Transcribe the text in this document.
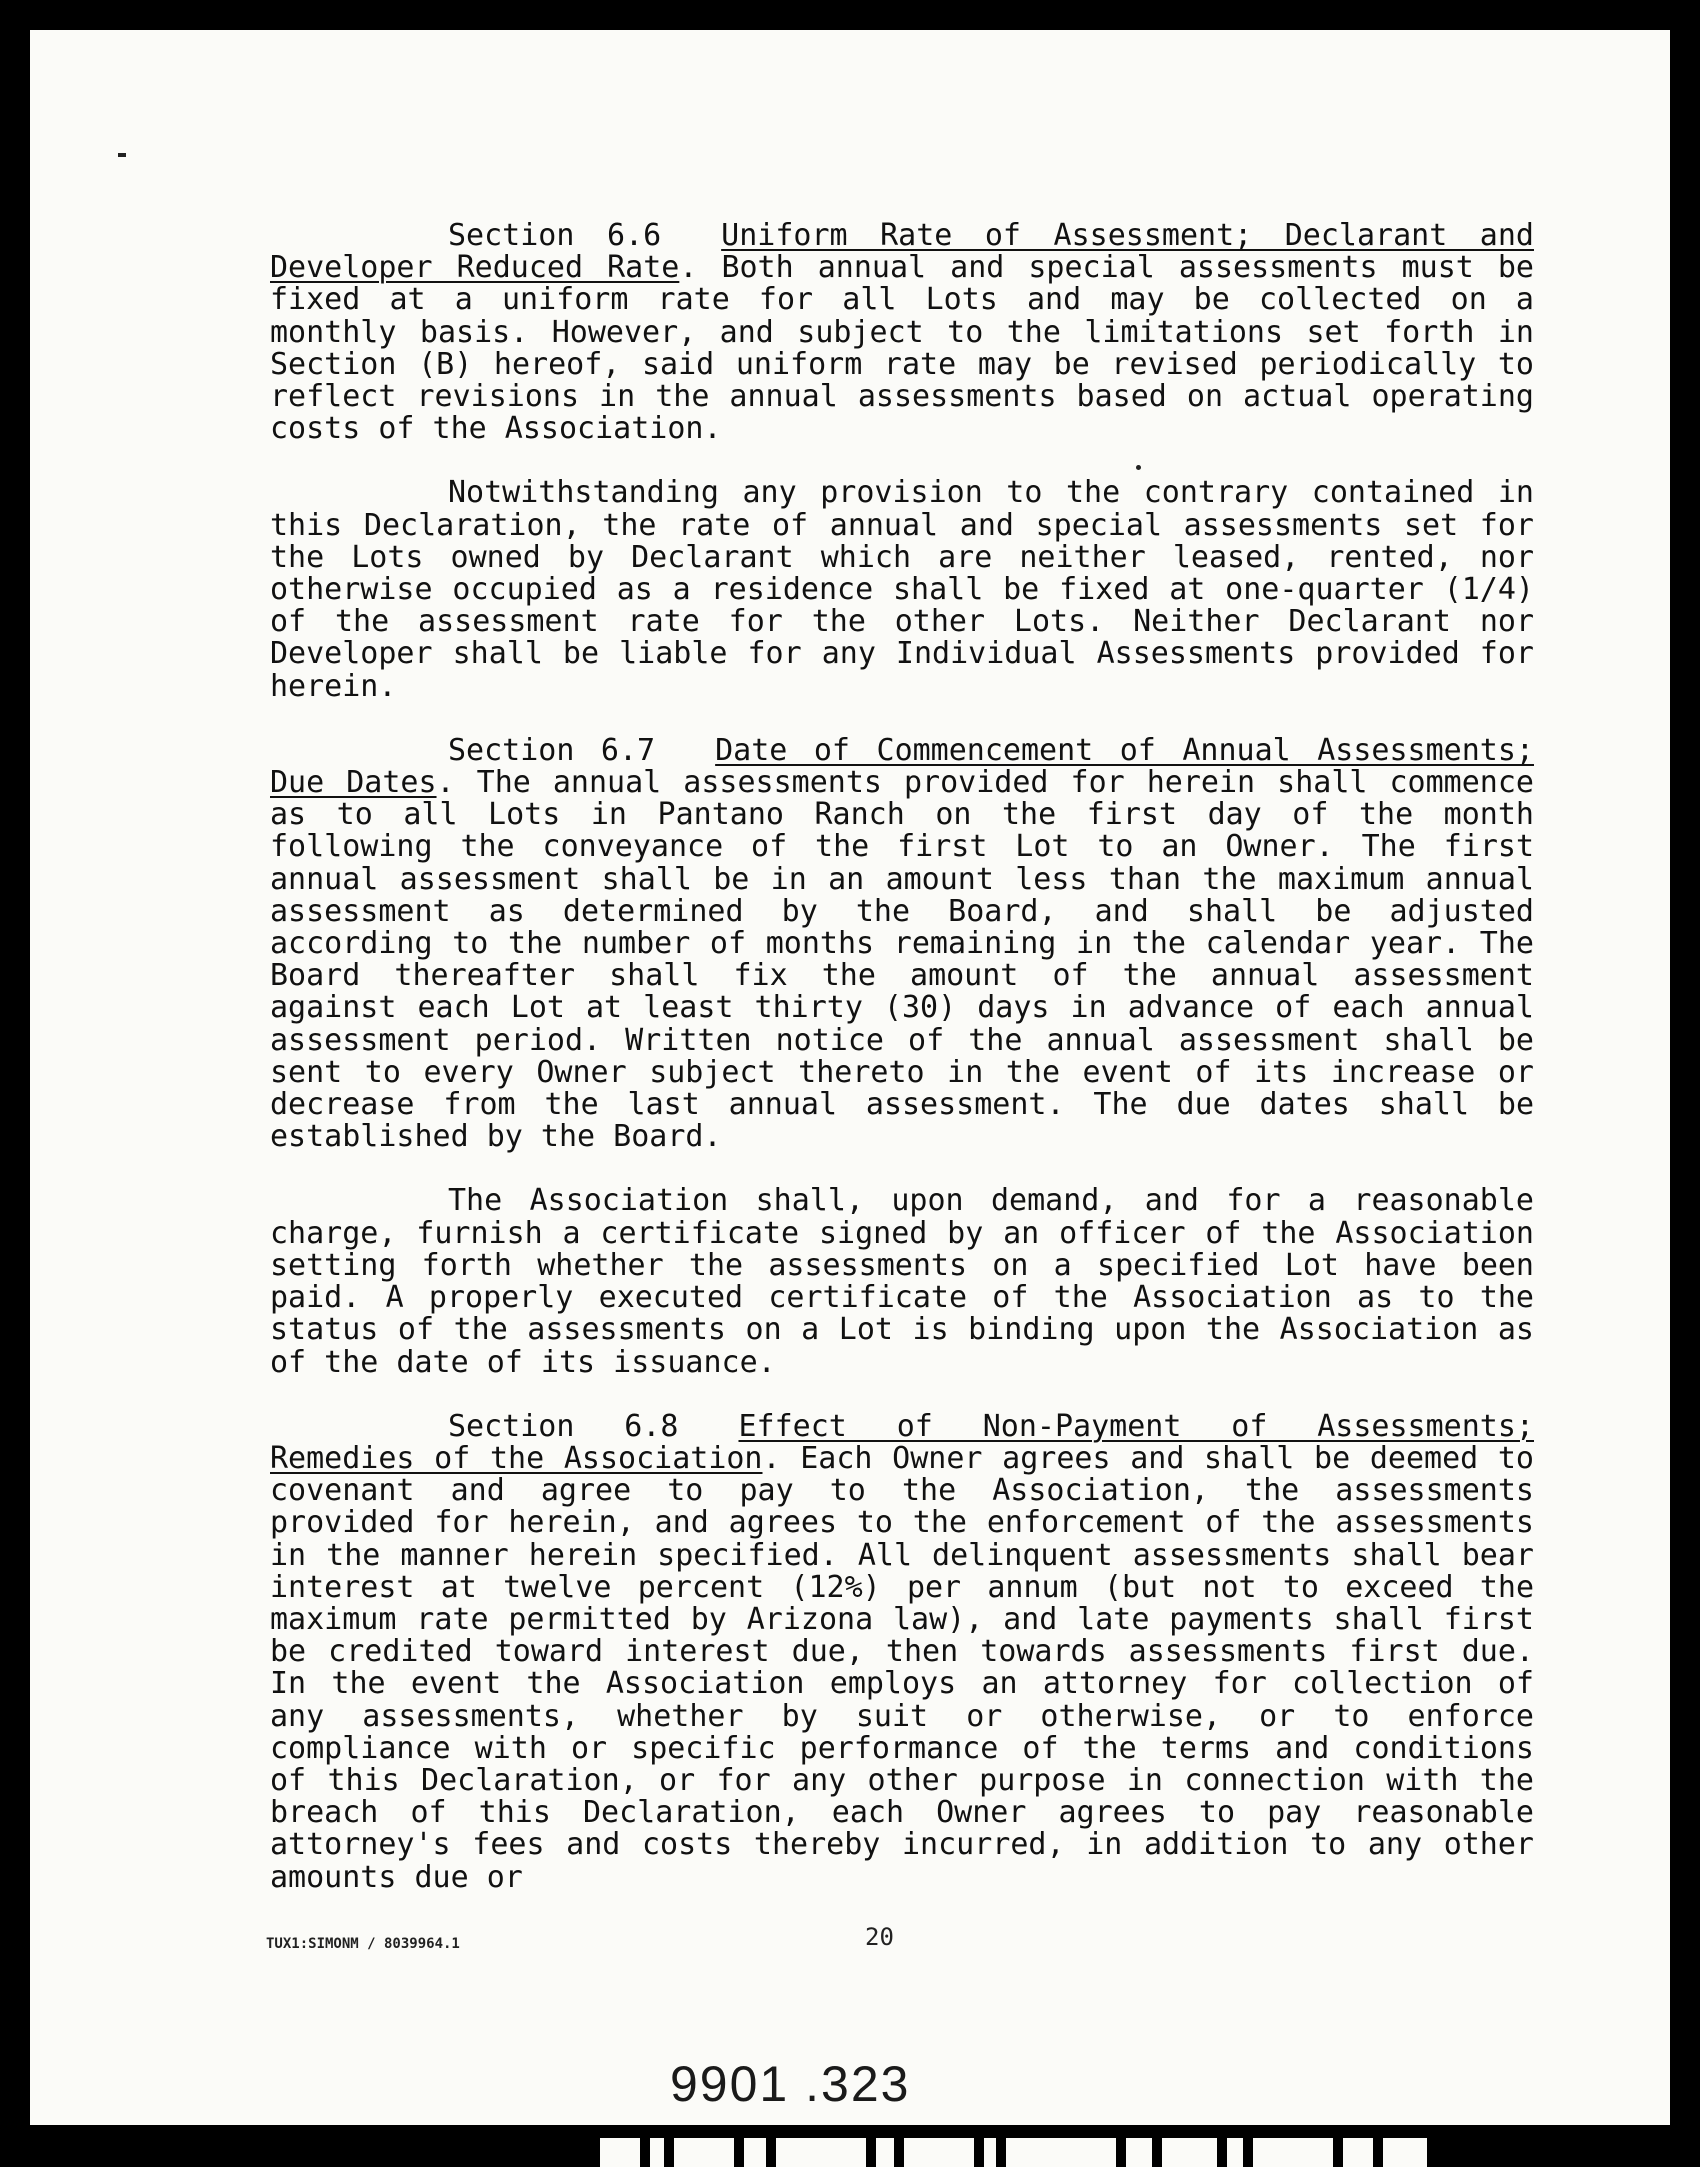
Section 6.6 Uniform Rate of Assessment; Declarant and Developer Reduced Rate. Both annual and special assessments must be fixed at a uniform rate for all Lots and may be collected on a monthly basis. However, and subject to the limitations set forth in Section (B) hereof, said uniform rate may be revised periodically to reflect revisions in the annual assessments based on actual operating costs of the Association.

Notwithstanding any provision to the contrary contained in this Declaration, the rate of annual and special assessments set for the Lots owned by Declarant which are neither leased, rented, nor otherwise occupied as a residence shall be fixed at one-quarter (1/4) of the assessment rate for the other Lots. Neither Declarant nor Developer shall be liable for any Individual Assessments provided for herein.

Section 6.7 Date of Commencement of Annual Assessments; Due Dates. The annual assessments provided for herein shall commence as to all Lots in Pantano Ranch on the first day of the month following the conveyance of the first Lot to an Owner. The first annual assessment shall be in an amount less than the maximum annual assessment as determined by the Board, and shall be adjusted according to the number of months remaining in the calendar year. The Board thereafter shall fix the amount of the annual assessment against each Lot at least thirty (30) days in advance of each annual assessment period. Written notice of the annual assessment shall be sent to every Owner subject thereto in the event of its increase or decrease from the last annual assessment. The due dates shall be established by the Board.

The Association shall, upon demand, and for a reasonable charge, furnish a certificate signed by an officer of the Association setting forth whether the assessments on a specified Lot have been paid. A properly executed certificate of the Association as to the status of the assessments on a Lot is binding upon the Association as of the date of its issuance.

Section 6.8 Effect of Non-Payment of Assessments; Remedies of the Association. Each Owner agrees and shall be deemed to covenant and agree to pay to the Association, the assessments provided for herein, and agrees to the enforcement of the assessments in the manner herein specified. All delinquent assessments shall bear interest at twelve percent (12%) per annum (but not to exceed the maximum rate permitted by Arizona law), and late payments shall first be credited toward interest due, then towards assessments first due. In the event the Association employs an attorney for collection of any assessments, whether by suit or otherwise, or to enforce compliance with or specific performance of the terms and conditions of this Declaration, or for any other purpose in connection with the breach of this Declaration, each Owner agrees to pay reasonable attorney's fees and costs thereby incurred, in addition to any other amounts due or

TUX1:SIMONM / 8039964.1	20
9901 .323
